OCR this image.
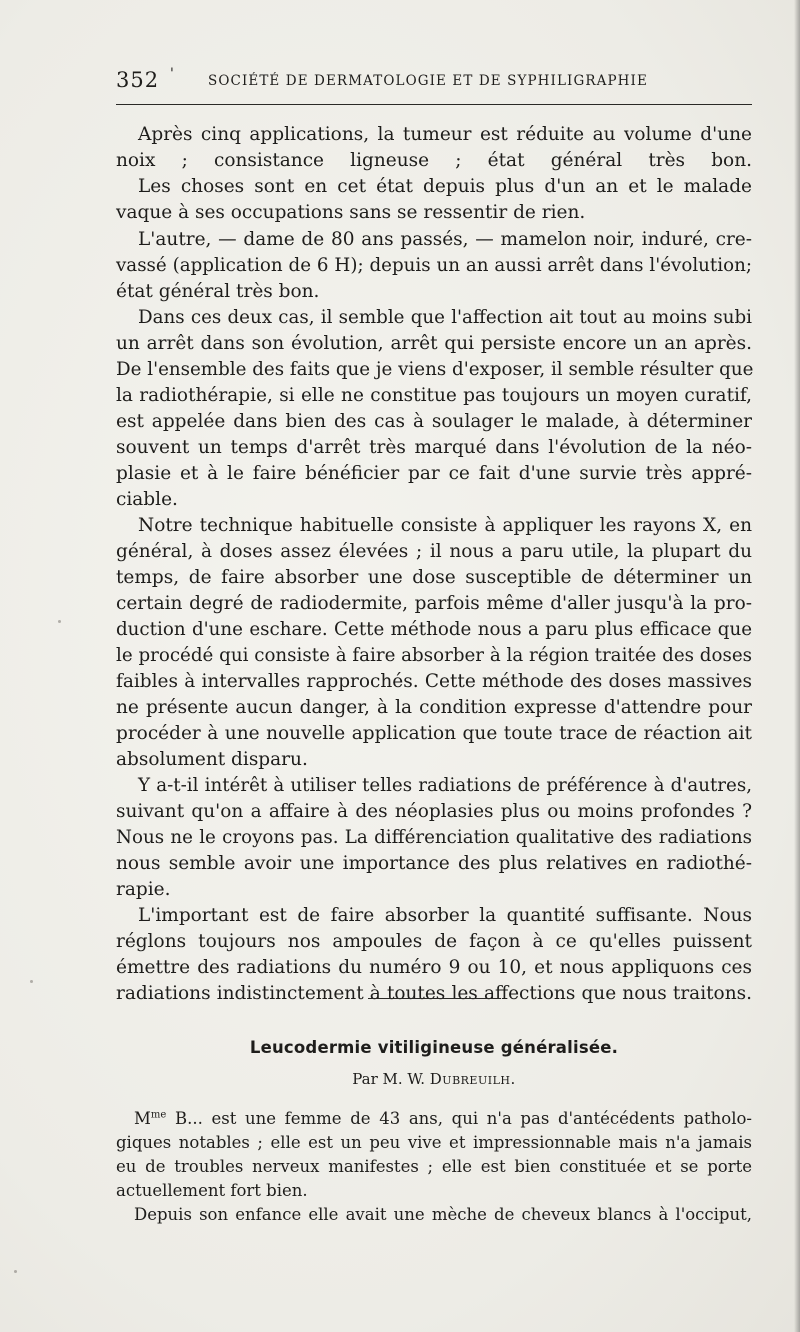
352 '	SOCIÉTÉ DE DERMATOLOGIE ET DE SYPHILIGRAPHIE
Après cinq applications, la tumeur est réduite au volume d'une
noix ; consistance ligneuse ; état général très bon.
Les choses sont en cet état depuis plus d'un an et le malade
vaque à ses occupations sans se ressentir de rien.
L'autre, — dame de 80 ans passés, — mamelon noir, induré, cre-
vassé (application de 6 H); depuis un an aussi arrêt dans l'évolution;
état général très bon.
Dans ces deux cas, il semble que l'affection ait tout au moins subi
un arrêt dans son évolution, arrêt qui persiste encore un an après.
De l'ensemble des faits que je viens d'exposer, il semble résulter que
la radiothérapie, si elle ne constitue pas toujours un moyen curatif,
est appelée dans bien des cas à soulager le malade, à déterminer
souvent un temps d'arrêt très marqué dans l'évolution de la néo-
plasie et à le faire bénéficier par ce fait d'une survie très appré-
ciable.
Notre technique habituelle consiste à appliquer les rayons X, en
général, à doses assez élevées ; il nous a paru utile, la plupart du
temps, de faire absorber une dose susceptible de déterminer un
certain degré de radiodermite, parfois même d'aller jusqu'à la pro-
duction d'une eschare. Cette méthode nous a paru plus efficace que
le procédé qui consiste à faire absorber à la région traitée des doses
faibles à intervalles rapprochés. Cette méthode des doses massives
ne présente aucun danger, à la condition expresse d'attendre pour
procéder à une nouvelle application que toute trace de réaction ait
absolument disparu.
Y a-t-il intérêt à utiliser telles radiations de préférence à d'autres,
suivant qu'on a affaire à des néoplasies plus ou moins profondes ?
Nous ne le croyons pas. La différenciation qualitative des radiations
nous semble avoir une importance des plus relatives en radiothé-
rapie.
L'important est de faire absorber la quantité suffisante. Nous
réglons toujours nos ampoules de façon à ce qu'elles puissent
émettre des radiations du numéro 9 ou 10, et nous appliquons ces
radiations indistinctement à toutes les affections que nous traitons.
Leucodermie vitiligineuse généralisée.
Par M. W. Dubreuilh.
$M^{me}$ B... est une femme de 43 ans, qui n'a pas d'antécédents patholo-
giques notables ; elle est un peu vive et impressionnable mais n'a jamais
eu de troubles nerveux manifestes ; elle est bien constituée et se porte
actuellement fort bien.
Depuis son enfance elle avait une mèche de cheveux blancs à l'occiput,
